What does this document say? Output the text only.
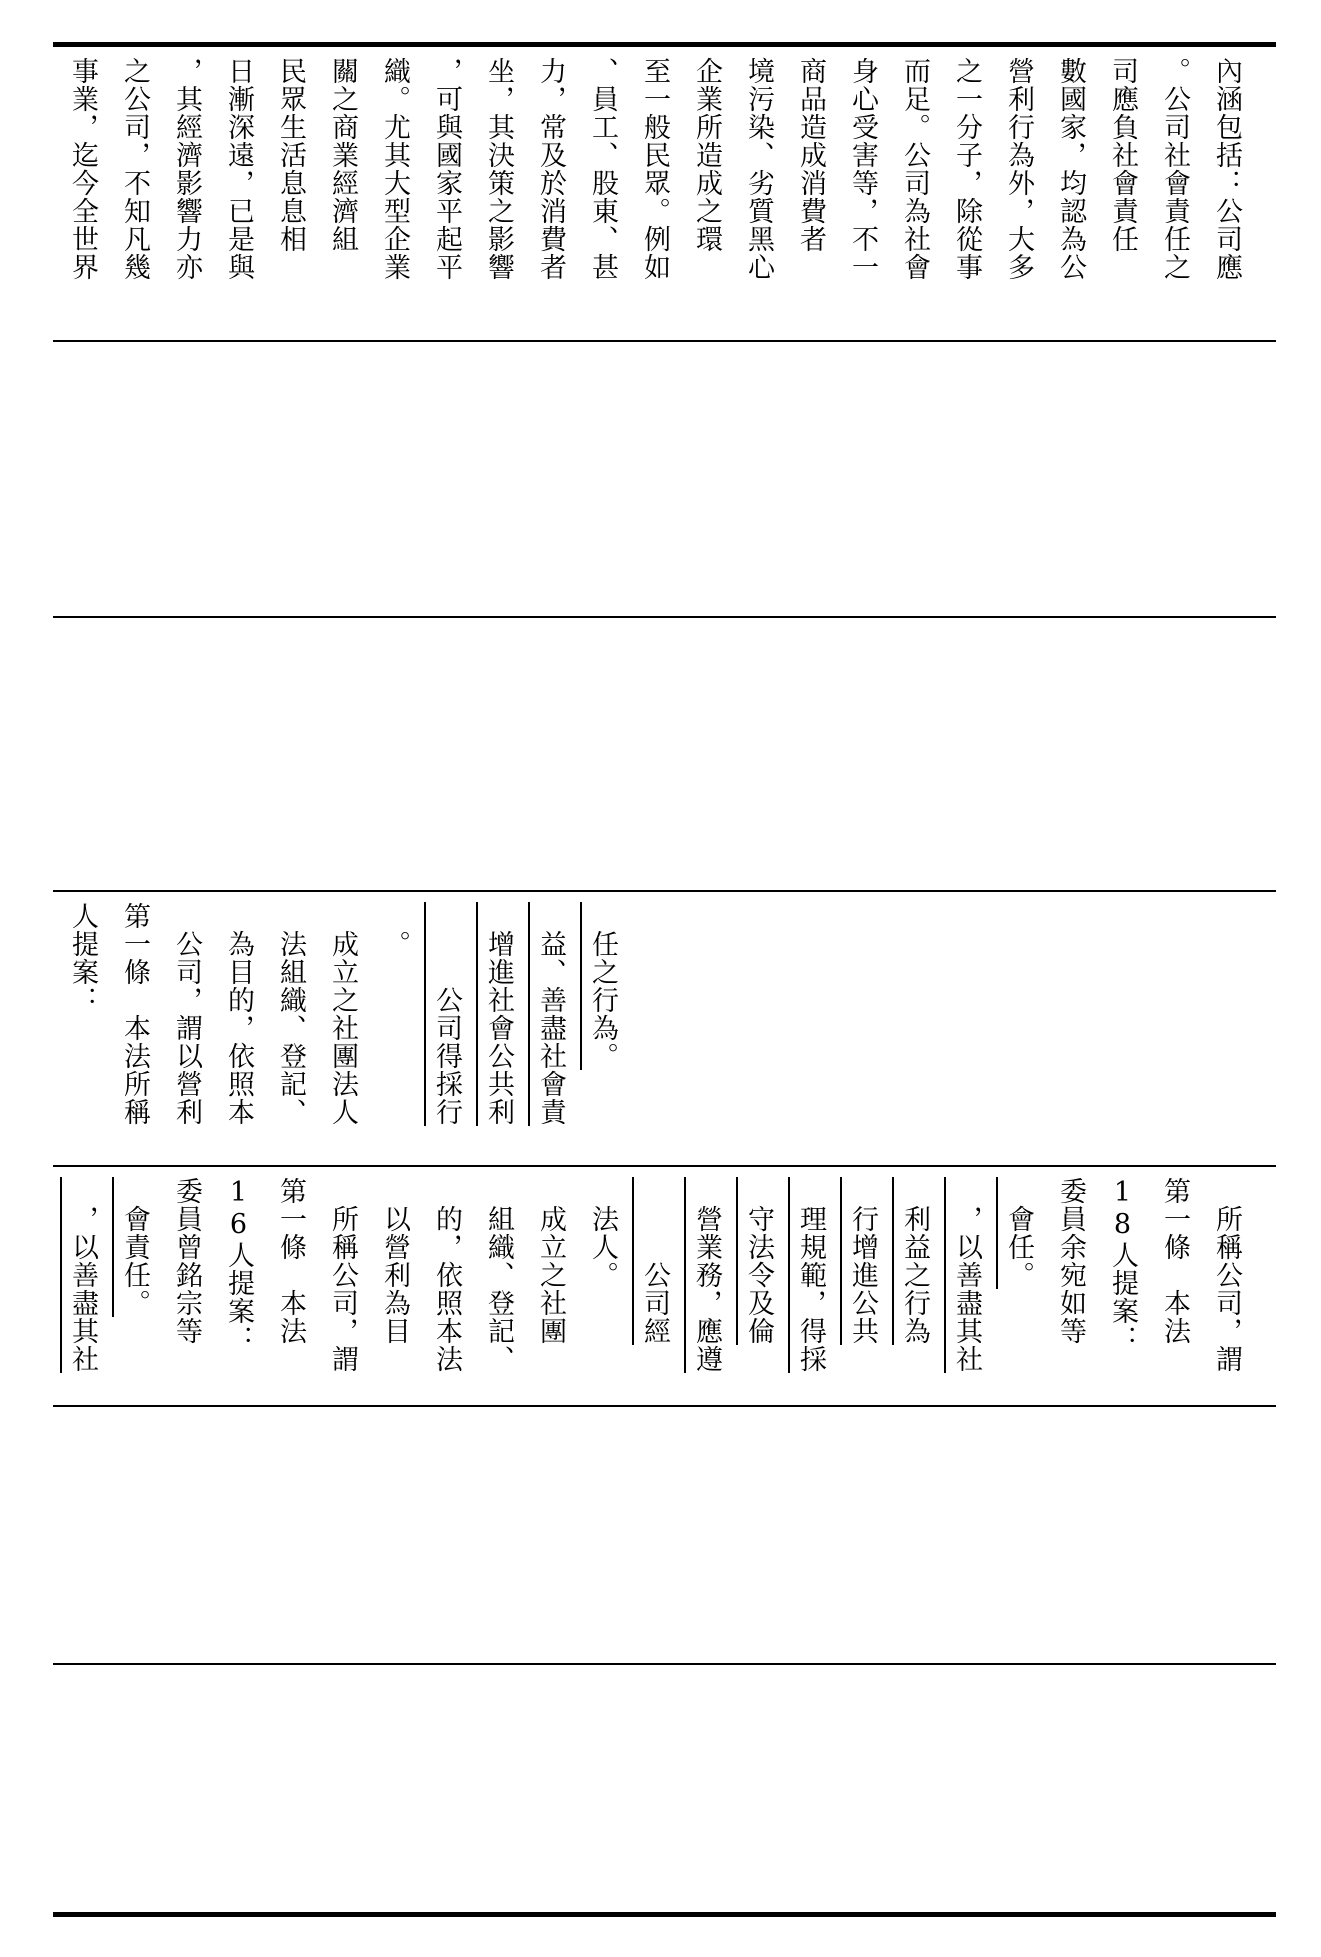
事業，迄今全世界 之公司，不知凡幾 ，其經濟影響力亦 日漸深遠，已是與 民眾生活息息相 關之商業經濟組 織。尤其大型企業 ，可與國家平起平 坐，其決策之影響 力，常及於消費者 、員工、股東、甚 至一般民眾。例如 企業所造成之環 境污染、劣質黑心 商品造成消費者 身心受害等，不一 而足。公司為社會 之一分子，除從事 營利行為外，大多 數國家，均認為公 司應負社會責任 。公司社會責任之 內涵包括：公司應
人提案： 第一條　本法所稱 　公司，謂以營利 　為目的，依照本 　法組織、登記、 　成立之社團法人 　。 　　　公司得採行 　增進社會公共利 　益、善盡社會責 　任之行為。
　，以善盡其社 　會責任。 委員曾銘宗等 16人提案： 第一條　本法 　所稱公司，謂 　以營利為目 　的，依照本法 　組織、登記、 　成立之社團 　法人。 　　　公司經 　營業務，應遵 　守法令及倫 　理規範，得採 　行增進公共 　利益之行為 　，以善盡其社 　會任。 委員余宛如等 18人提案： 第一條　本法 　所稱公司，謂
